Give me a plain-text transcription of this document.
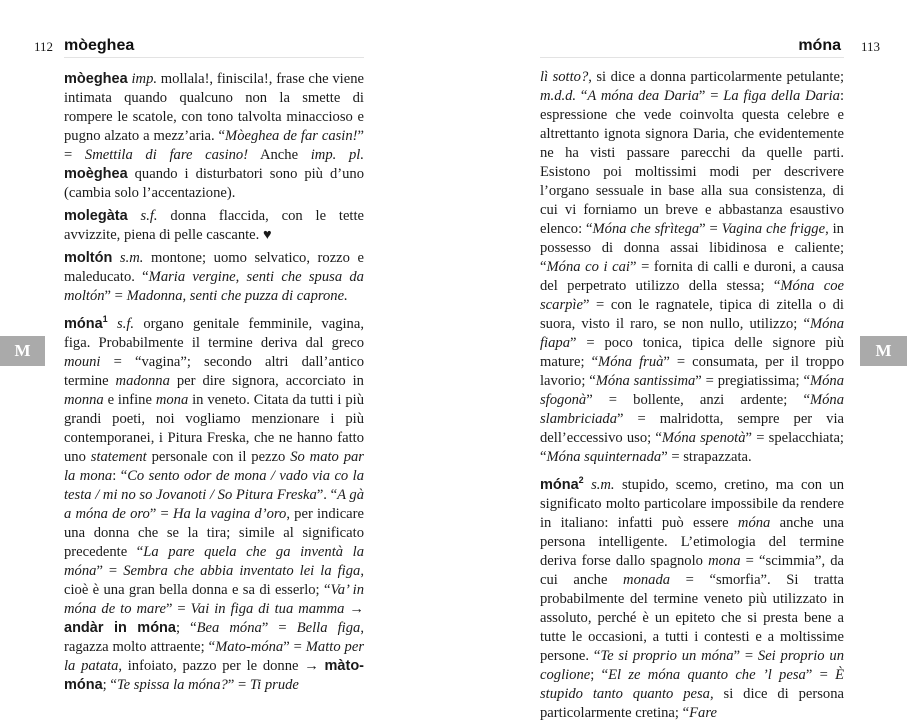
112 mòeghea
M

mòeghea imp. mollala!, finiscila!, frase che viene intimata quando qualcuno non la smette di rompere le scatole, con tono talvolta minaccioso e pugno alzato a mezz’aria. “Mòeghea de far casin!” = Smettila di fare casino! Anche imp. pl. moèghea quando i disturbatori sono più d’uno (cambia solo l’accentazione).

molegàta s.f. donna flaccida, con le tette avvizzite, piena di pelle cascante. ♥

moltón s.m. montone; uomo selvatico, rozzo e maleducato. “Maria vergine, senti che spusa da moltón” = Madonna, senti che puzza di caprone.

móna$^1$ s.f. organo genitale femminile, vagina, figa. Probabilmente il termine deriva dal greco mouni = “vagina”; secondo altri dall’antico termine madonna per dire signora, accorciato in monna e infine mona in veneto. Citata da tutti i più grandi poeti, noi vogliamo menzionare i più contemporanei, i Pitura Freska, che ne hanno fatto uno statement personale con il pezzo So mato par la mona: “Co sento odor de mona / vado via co la testa / mi no so Jovanoti / So Pitura Freska”. “A gà a móna de oro” = Ha la vagina d’oro, per indicare una donna che se la tira; simile al significato precedente “La pare quela che ga inventà la móna” = Sembra che abbia inventato lei la figa, cioè è una gran bella donna e sa di esserlo; “Va’ in móna de to mare” = Vai in figa di tua mamma → andàr in móna; “Bea móna” = Bella figa, ragazza molto attraente; “Mato-móna” = Matto per la patata, infoiato, pazzo per le donne → màto-móna; “Te spissa la móna?” = Ti prude

móna 113
M

lì sotto?, si dice a donna particolarmente petulante; m.d.d. “A móna dea Daria” = La figa della Daria: espressione che vede coinvolta questa celebre e altrettanto ignota signora Daria, che evidentemente ne ha visti passare parecchi da quelle parti. Esistono poi moltissimi modi per descrivere l’organo sessuale in base alla sua consistenza, di cui vi forniamo un breve e abbastanza esaustivo elenco: “Móna che sfrìtega” = Vagina che frigge, in possesso di donna assai libidinosa e caliente; “Móna co i cai” = fornita di calli e duroni, a causa del perpetrato utilizzo della stessa; “Móna coe scarpìe” = con le ragnatele, tipica di zitella o di suora, visto il raro, se non nullo, utilizzo; “Móna fiapa” = poco tonica, tipica delle signore più mature; “Móna fruà” = consumata, per il troppo lavorio; “Móna santissima” = pregiatissima; “Móna sfogonà” = bollente, anzi ardente; “Móna slambriciada” = malridotta, sempre per via dell’eccessivo uso; “Móna spenotà” = spelacchiata; “Móna squinternada” = strapazzata.

móna$^2$ s.m. stupido, scemo, cretino, ma con un significato molto particolare impossibile da rendere in italiano: infatti può essere móna anche una persona intelligente. L’etimologia del termine deriva forse dallo spagnolo mona = “scimmia”, da cui anche monada = “smorfia”. Si tratta probabilmente del termine veneto più utilizzato in assoluto, perché è un epiteto che si presta bene a tutte le occasioni, a tutti i contesti e a moltissime persone. “Te si proprio un móna” = Sei proprio un coglione; “El ze móna quanto che ’l pesa” = È stupido tanto quanto pesa, si dice di persona particolarmente cretina; “Fare
